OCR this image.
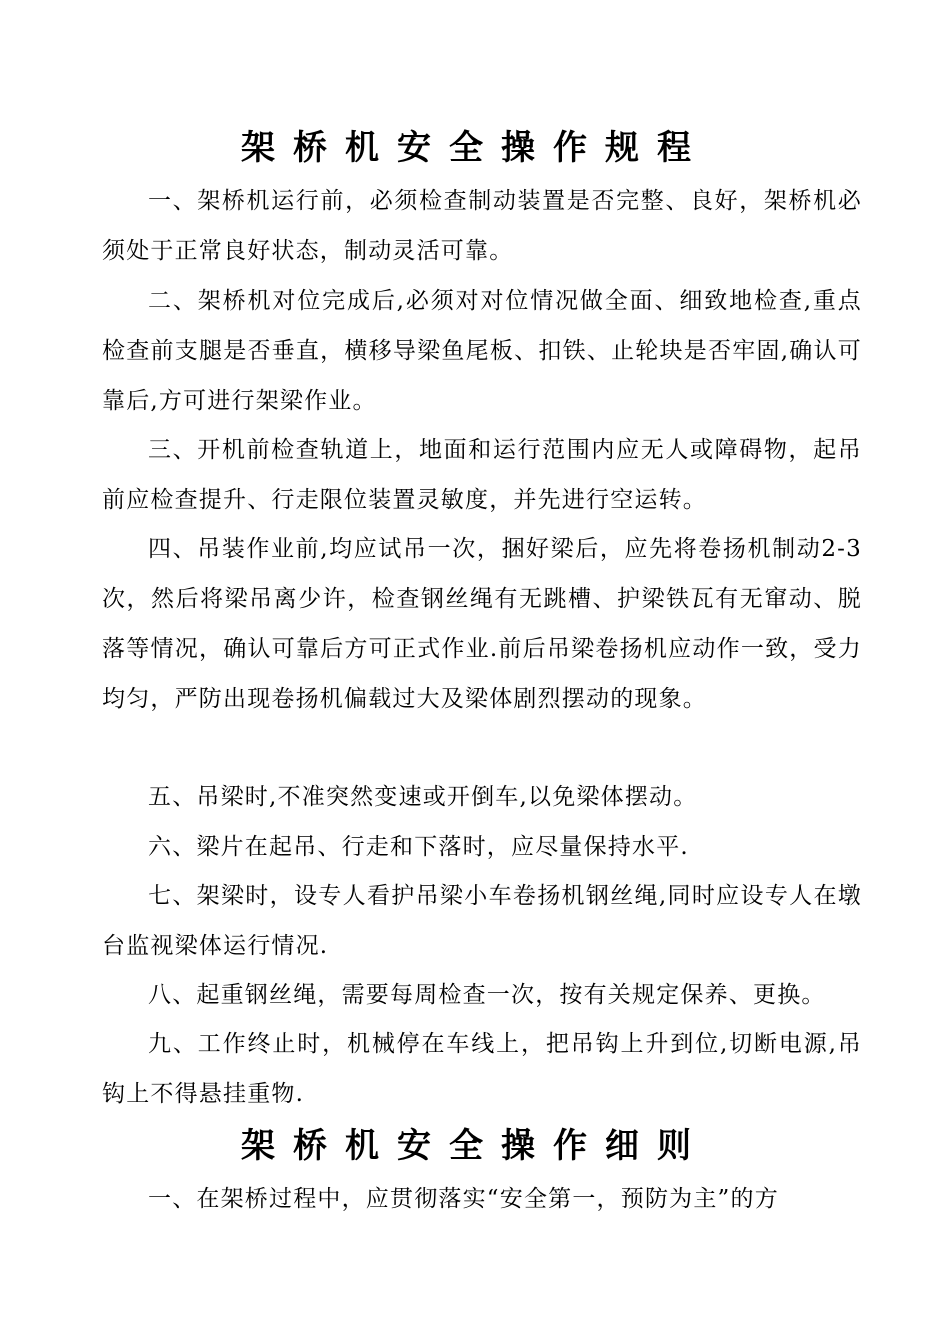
架桥机安全操作规程

一、架桥机运行前，必须检查制动装置是否完整、良好，架桥机必须处于正常良好状态，制动灵活可靠。

二、架桥机对位完成后,必须对对位情况做全面、细致地检查,重点检查前支腿是否垂直，横移导梁鱼尾板、扣铁、止轮块是否牢固,确认可靠后,方可进行架梁作业。

三、开机前检查轨道上，地面和运行范围内应无人或障碍物，起吊前应检查提升、行走限位装置灵敏度，并先进行空运转。

四、吊装作业前,均应试吊一次，捆好梁后，应先将卷扬机制动2-3次，然后将梁吊离少许，检查钢丝绳有无跳槽、护梁铁瓦有无窜动、脱落等情况，确认可靠后方可正式作业.前后吊梁卷扬机应动作一致，受力均匀，严防出现卷扬机偏载过大及梁体剧烈摆动的现象。

五、吊梁时,不准突然变速或开倒车,以免梁体摆动。

六、梁片在起吊、行走和下落时，应尽量保持水平.

七、架梁时，设专人看护吊梁小车卷扬机钢丝绳,同时应设专人在墩台监视梁体运行情况.

八、起重钢丝绳，需要每周检查一次，按有关规定保养、更换。

九、工作终止时，机械停在车线上，把吊钩上升到位,切断电源,吊钩上不得悬挂重物.

架桥机安全操作细则

一、在架桥过程中，应贯彻落实“安全第一，预防为主”的方
